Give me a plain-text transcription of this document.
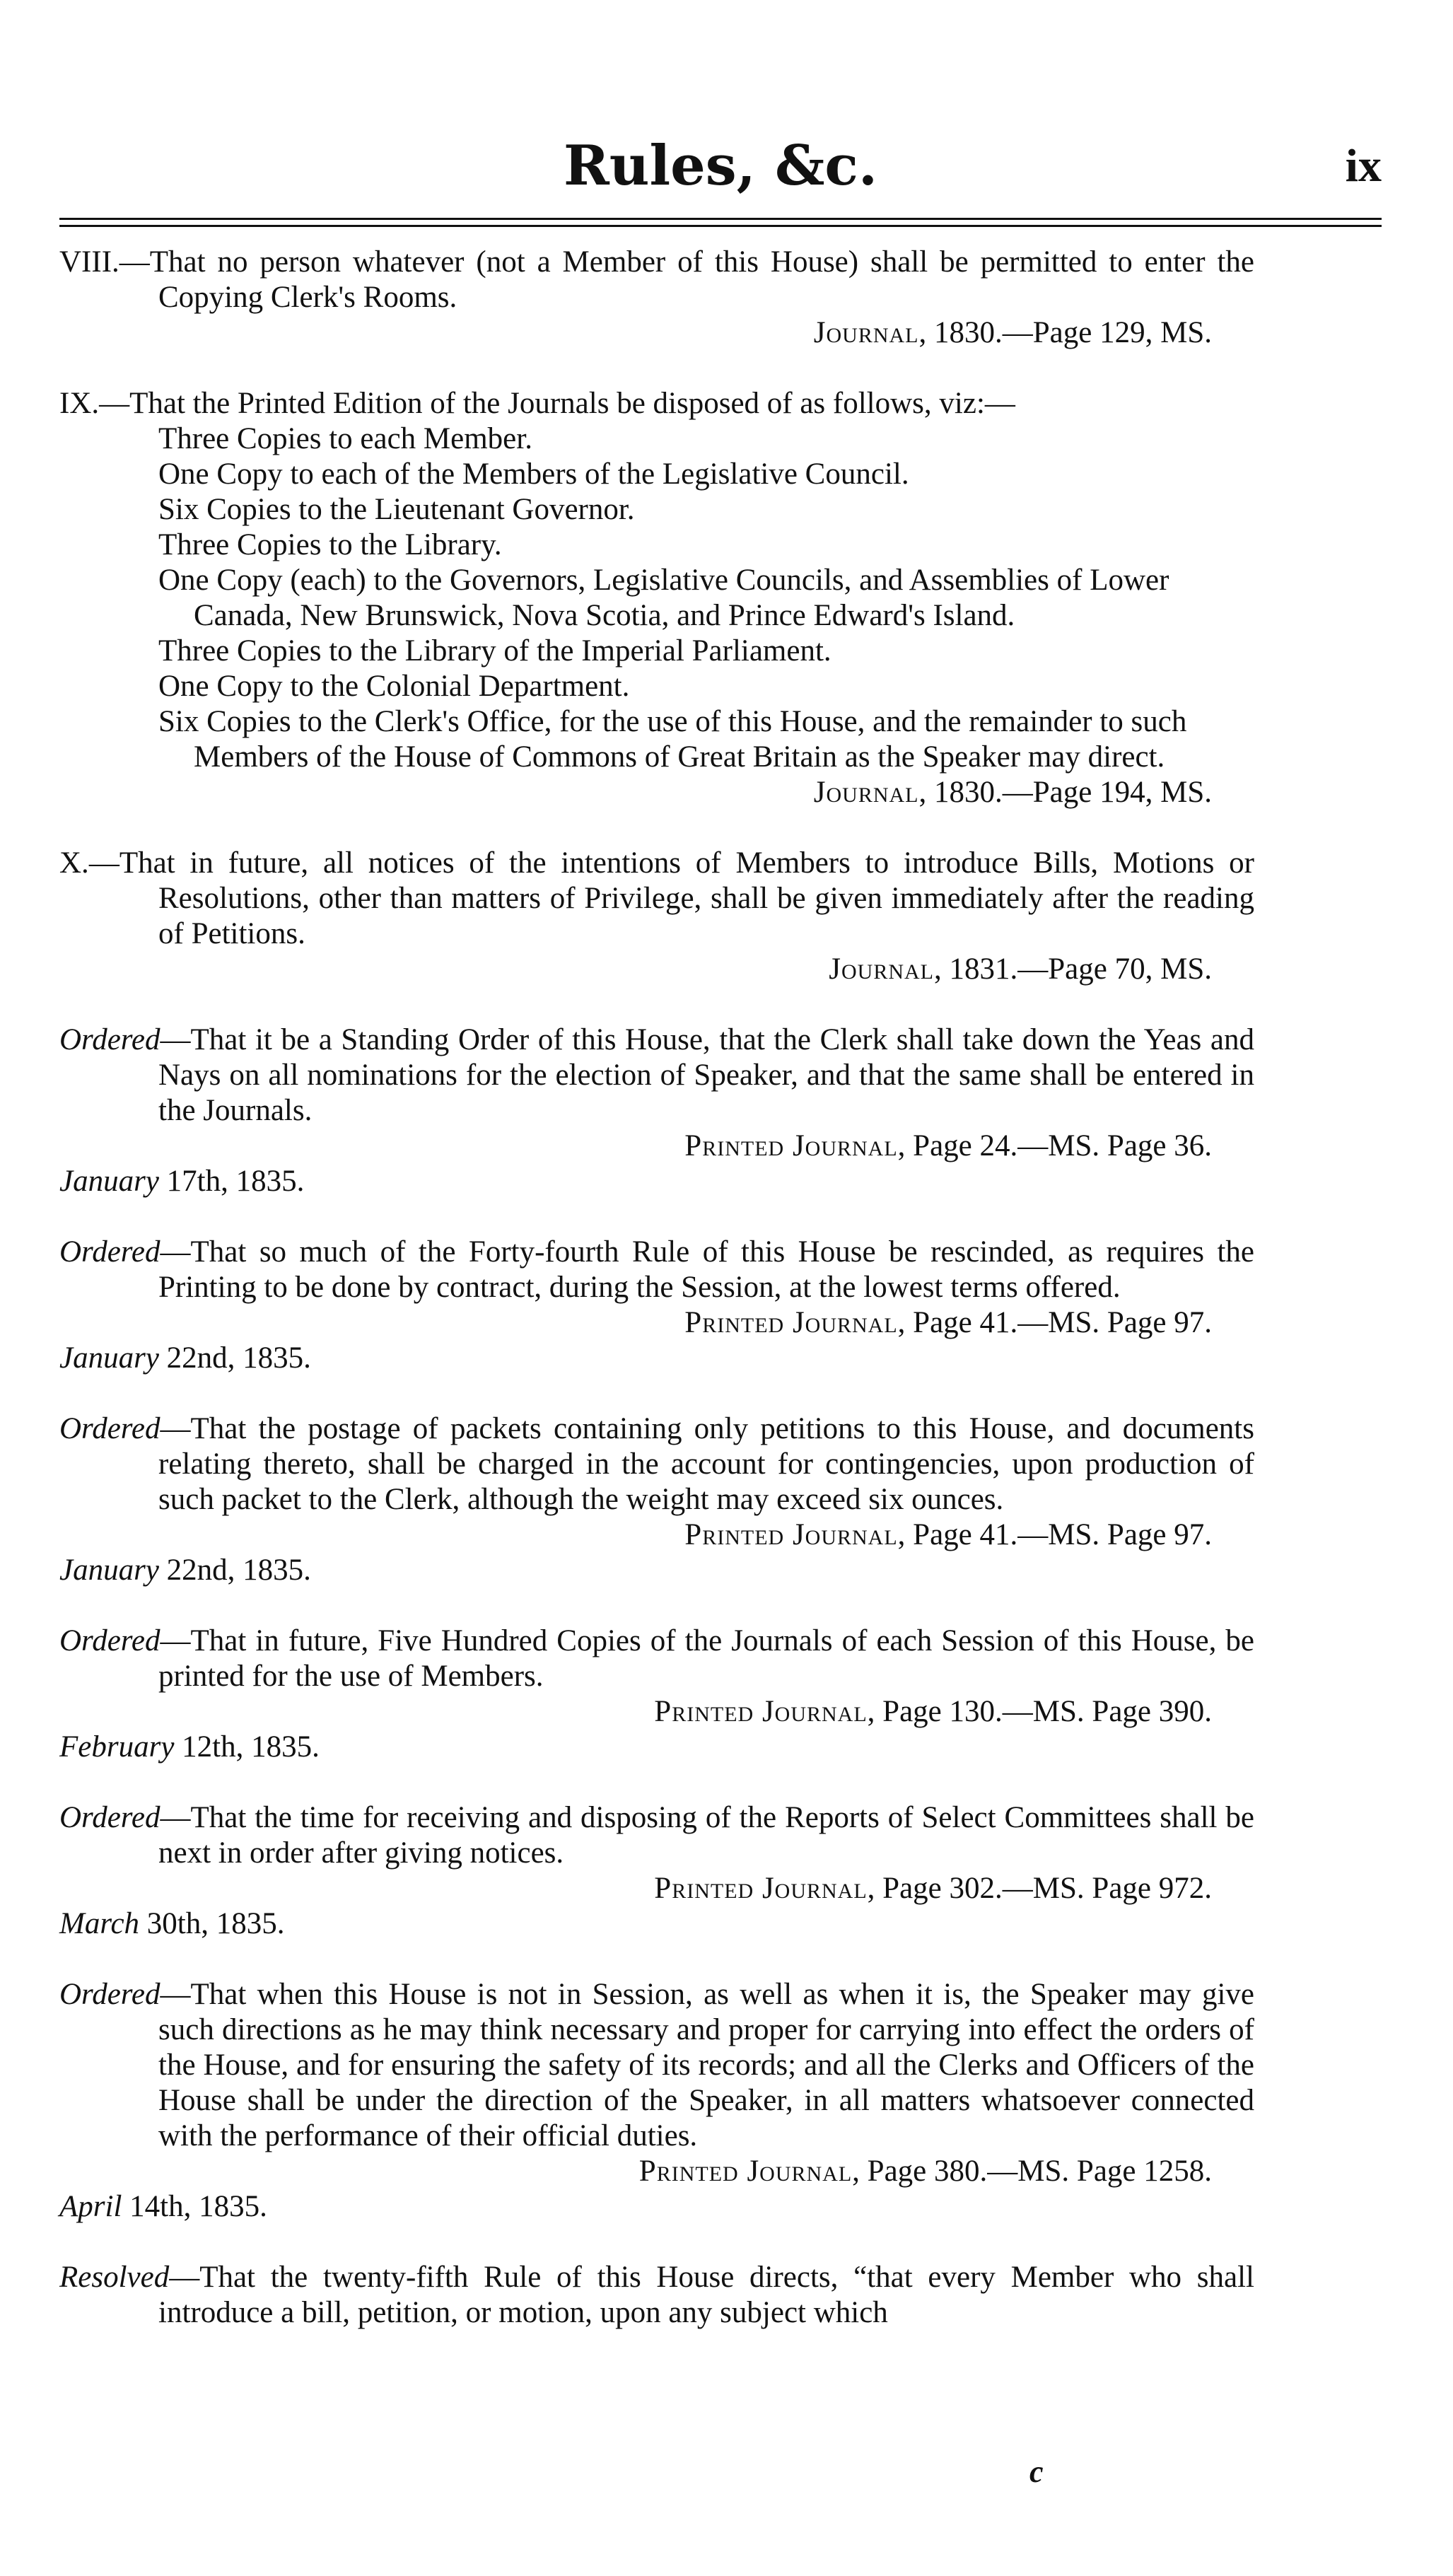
Rules, &c.	ix
VIII.—That no person whatever (not a Member of this House) shall be permitted to enter the Copying Clerk's Rooms.
Journal, 1830.—Page 129, MS.
IX.—That the Printed Edition of the Journals be disposed of as follows, viz:—
Three Copies to each Member.
One Copy to each of the Members of the Legislative Council.
Six Copies to the Lieutenant Governor.
Three Copies to the Library.
One Copy (each) to the Governors, Legislative Councils, and Assemblies of Lower Canada, New Brunswick, Nova Scotia, and Prince Edward's Island.
Three Copies to the Library of the Imperial Parliament.
One Copy to the Colonial Department.
Six Copies to the Clerk's Office, for the use of this House, and the remainder to such Members of the House of Commons of Great Britain as the Speaker may direct.
Journal, 1830.—Page 194, MS.
X.—That in future, all notices of the intentions of Members to introduce Bills, Motions or Resolutions, other than matters of Privilege, shall be given immediately after the reading of Petitions.
Journal, 1831.—Page 70, MS.
Ordered—That it be a Standing Order of this House, that the Clerk shall take down the Yeas and Nays on all nominations for the election of Speaker, and that the same shall be entered in the Journals.
Printed Journal, Page 24.—MS. Page 36.
January 17th, 1835.
Ordered—That so much of the Forty-fourth Rule of this House be rescinded, as requires the Printing to be done by contract, during the Session, at the lowest terms offered.
Printed Journal, Page 41.—MS. Page 97.
January 22nd, 1835.
Ordered—That the postage of packets containing only petitions to this House, and documents relating thereto, shall be charged in the account for contingencies, upon production of such packet to the Clerk, although the weight may exceed six ounces.
Printed Journal, Page 41.—MS. Page 97.
January 22nd, 1835.
Ordered—That in future, Five Hundred Copies of the Journals of each Session of this House, be printed for the use of Members.
Printed Journal, Page 130.—MS. Page 390.
February 12th, 1835.
Ordered—That the time for receiving and disposing of the Reports of Select Committees shall be next in order after giving notices.
Printed Journal, Page 302.—MS. Page 972.
March 30th, 1835.
Ordered—That when this House is not in Session, as well as when it is, the Speaker may give such directions as he may think necessary and proper for carrying into effect the orders of the House, and for ensuring the safety of its records; and all the Clerks and Officers of the House shall be under the direction of the Speaker, in all matters whatsoever connected with the performance of their official duties.
Printed Journal, Page 380.—MS. Page 1258.
April 14th, 1835.
Resolved—That the twenty-fifth Rule of this House directs, “that every Member who shall introduce a bill, petition, or motion, upon any subject which
c
